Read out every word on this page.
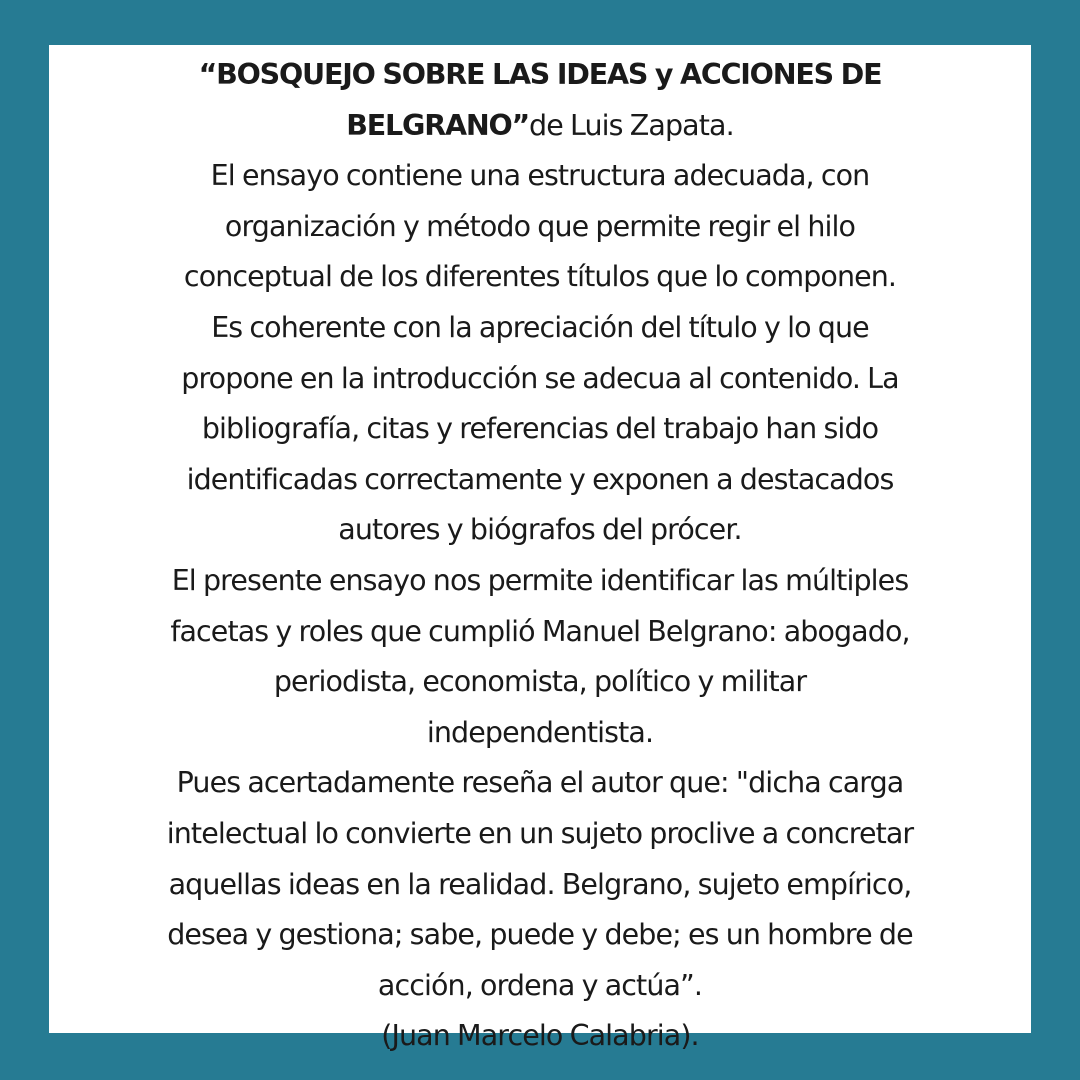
“BOSQUEJO SOBRE LAS IDEAS y ACCIONES DE
BELGRANO”de Luis Zapata.
El ensayo contiene una estructura adecuada, con
organización y método que permite regir el hilo
conceptual de los diferentes títulos que lo componen.
Es coherente con la apreciación del título y lo que
propone en la introducción se adecua al contenido. La
bibliografía, citas y referencias del trabajo han sido
identificadas correctamente y exponen a destacados
autores y biógrafos del prócer.
El presente ensayo nos permite identificar las múltiples
facetas y roles que cumplió Manuel Belgrano: abogado,
periodista, economista, político y militar
independentista.
Pues acertadamente reseña el autor que: "dicha carga
intelectual lo convierte en un sujeto proclive a concretar
aquellas ideas en la realidad. Belgrano, sujeto empírico,
desea y gestiona; sabe, puede y debe; es un hombre de
acción, ordena y actúa”.
(Juan Marcelo Calabria).
